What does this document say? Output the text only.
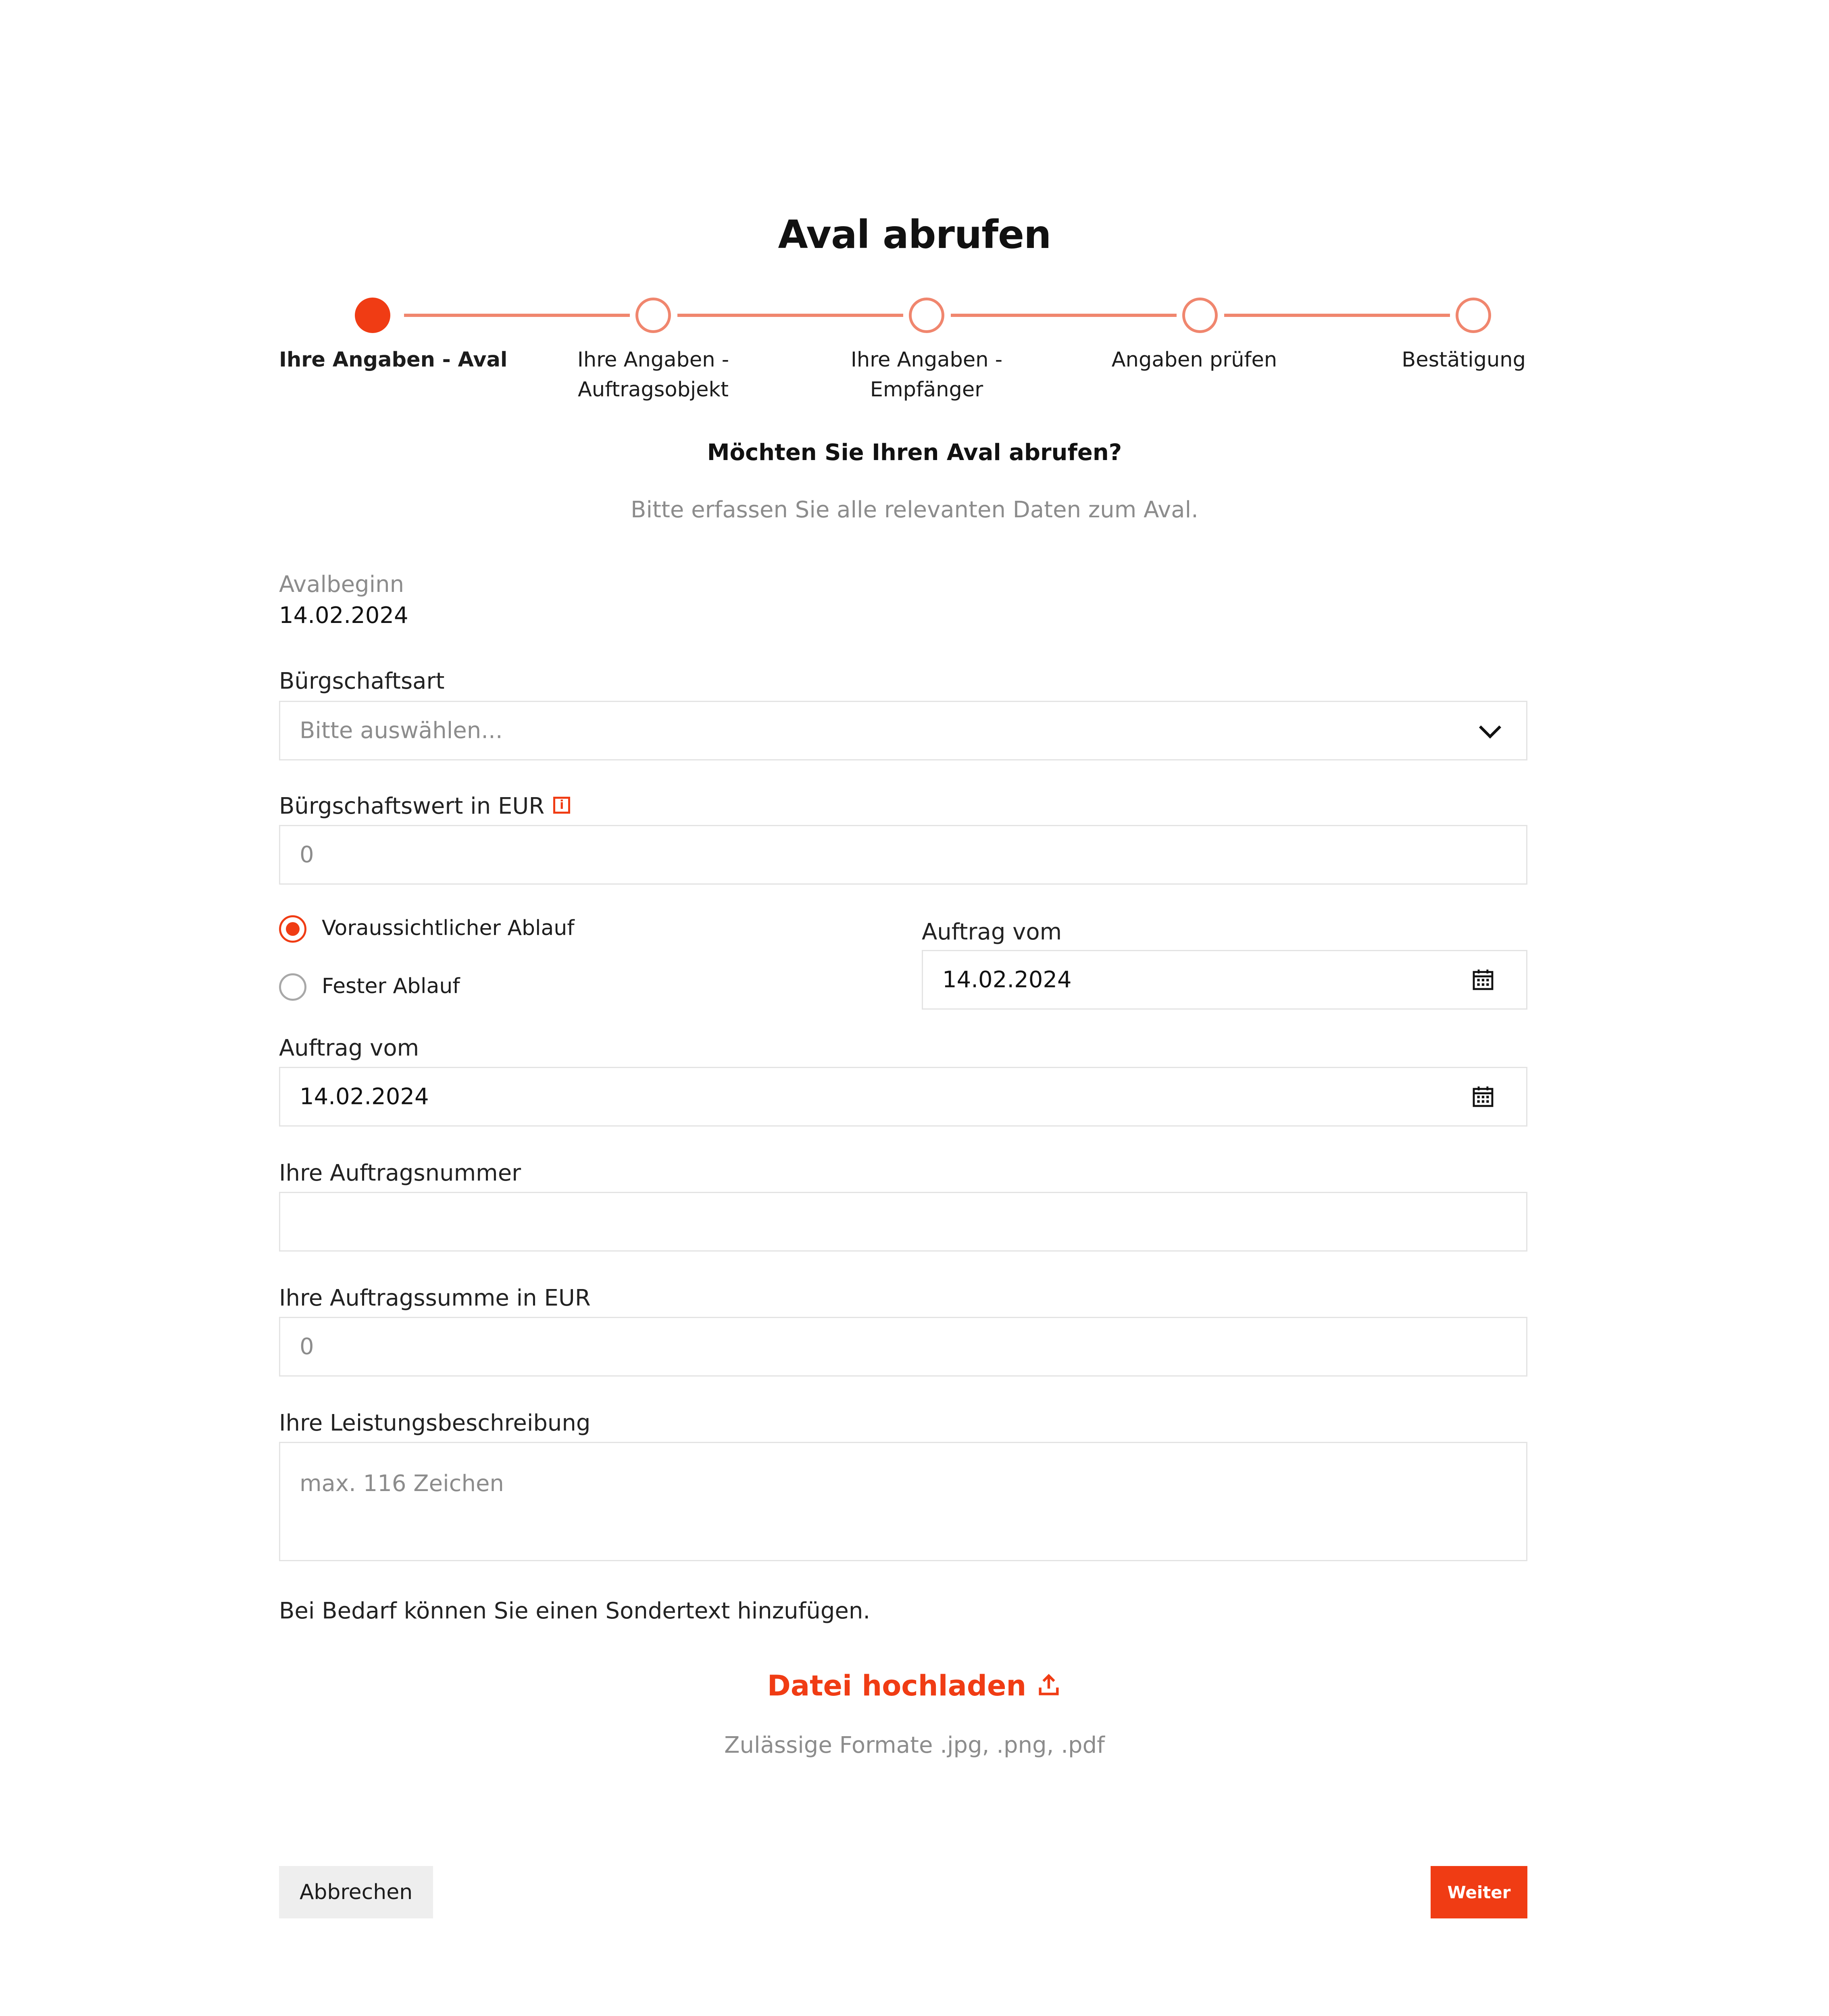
Aval abrufen
Ihre Angaben - Aval	Ihre Angaben -
Auftragsobjekt
Ihre Angaben -
Empfänger
Angaben prüfen	Bestätigung
Möchten Sie Ihren Aval abrufen?
Bitte erfassen Sie alle relevanten Daten zum Aval.
Avalbeginn
14.02.2024
Bürgschaftsart
Bitte auswählen...
Bürgschaftswert in EUR i
0
Voraussichtlicher Ablauf
Fester Ablauf
Auftrag vom
14.02.2024
Auftrag vom
14.02.2024
Ihre Auftragsnummer
Ihre Auftragssumme in EUR
0
Ihre Leistungsbeschreibung
max. 116 Zeichen
Bei Bedarf können Sie einen Sondertext hinzufügen.
Datei hochladen
Zulässige Formate .jpg, .png, .pdf
Abbrechen	Weiter
